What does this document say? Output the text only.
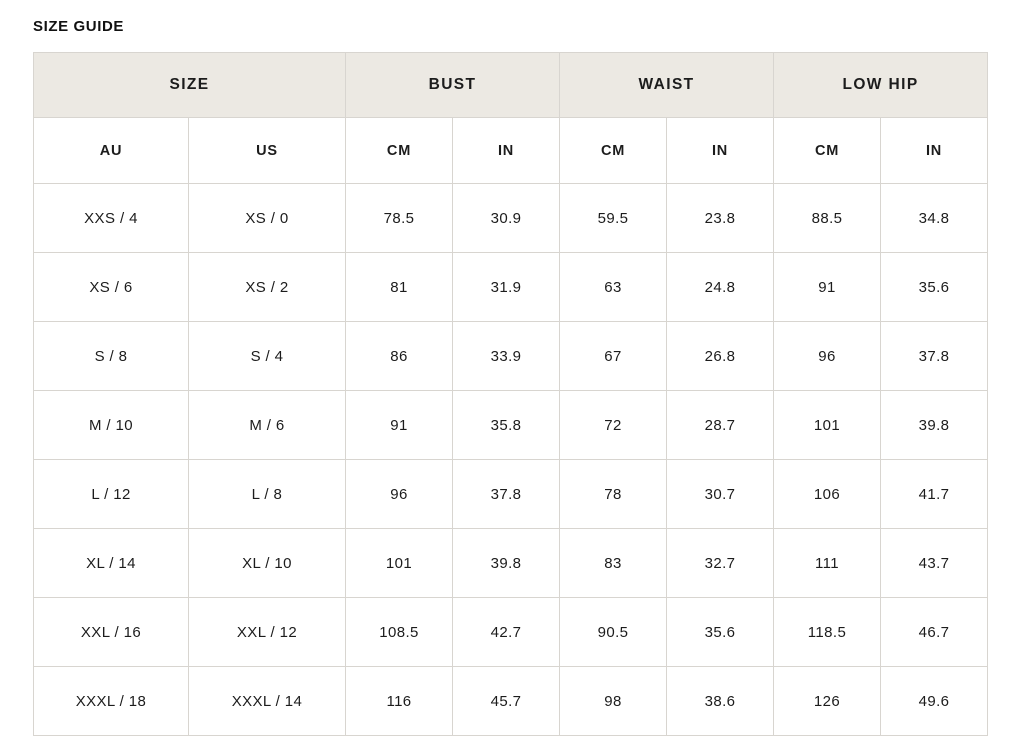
SIZE GUIDE
SIZE		BUST		WAIST		LOW HIP	
AU	US	CM	IN	CM	IN	CM	IN
XXS / 4	XS / 0	78.5	30.9	59.5	23.8	88.5	34.8
XS / 6	XS / 2	81	31.9	63	24.8	91	35.6
S / 8	S / 4	86	33.9	67	26.8	96	37.8
M / 10	M / 6	91	35.8	72	28.7	101	39.8
L / 12	L / 8	96	37.8	78	30.7	106	41.7
XL / 14	XL / 10	101	39.8	83	32.7	111	43.7
XXL / 16	XXL / 12	108.5	42.7	90.5	35.6	118.5	46.7
XXXL / 18	XXXL / 14	116	45.7	98	38.6	126	49.6
